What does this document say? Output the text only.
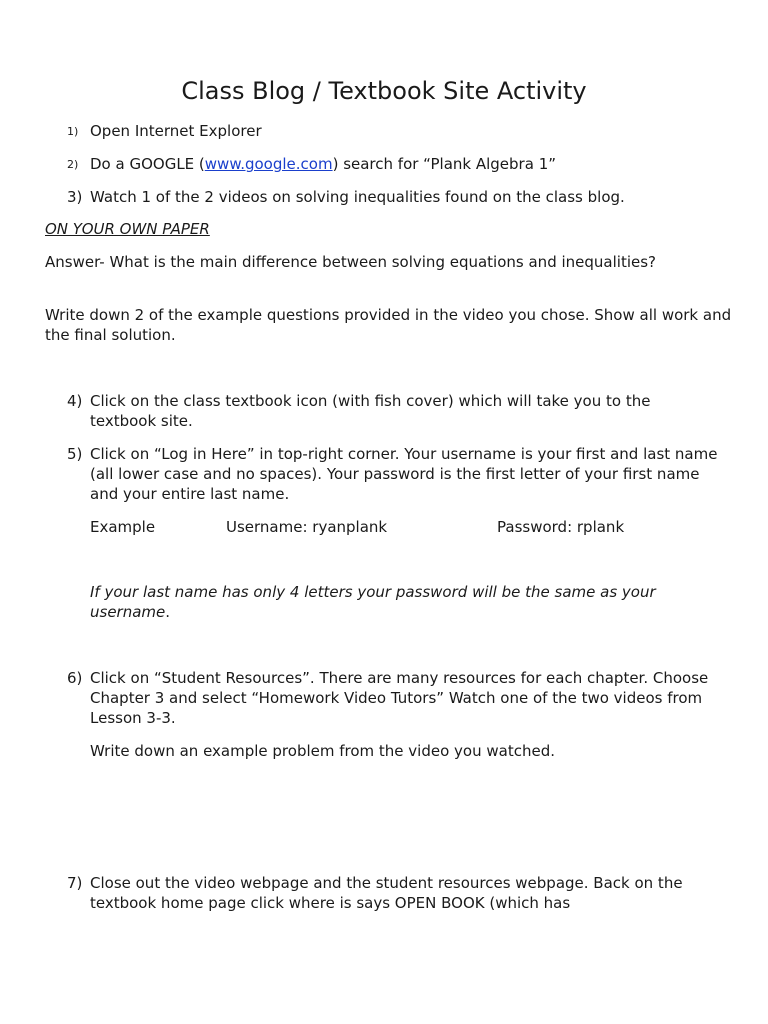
Class Blog / Textbook Site Activity
1) Open Internet Explorer
2) Do a GOOGLE (www.google.com) search for “Plank Algebra 1”
3) Watch 1 of the 2 videos on solving inequalities found on the class blog.
ON YOUR OWN PAPER
Answer- What is the main difference between solving equations and inequalities?
Write down 2 of the example questions provided in the video you chose. Show all work and the final solution.
4) Click on the class textbook icon (with fish cover) which will take you to the textbook site.
5) Click on “Log in Here” in top-right corner. Your username is your first and last name (all lower case and no spaces). Your password is the first letter of your first name and your entire last name.
Example	Username: ryanplank	Password: rplank
If your last name has only 4 letters your password will be the same as your username.
6) Click on “Student Resources”. There are many resources for each chapter. Choose Chapter 3 and select “Homework Video Tutors” Watch one of the two videos from Lesson 3-3.
Write down an example problem from the video you watched.
7) Close out the video webpage and the student resources webpage. Back on the textbook home page click where is says OPEN BOOK (which has
